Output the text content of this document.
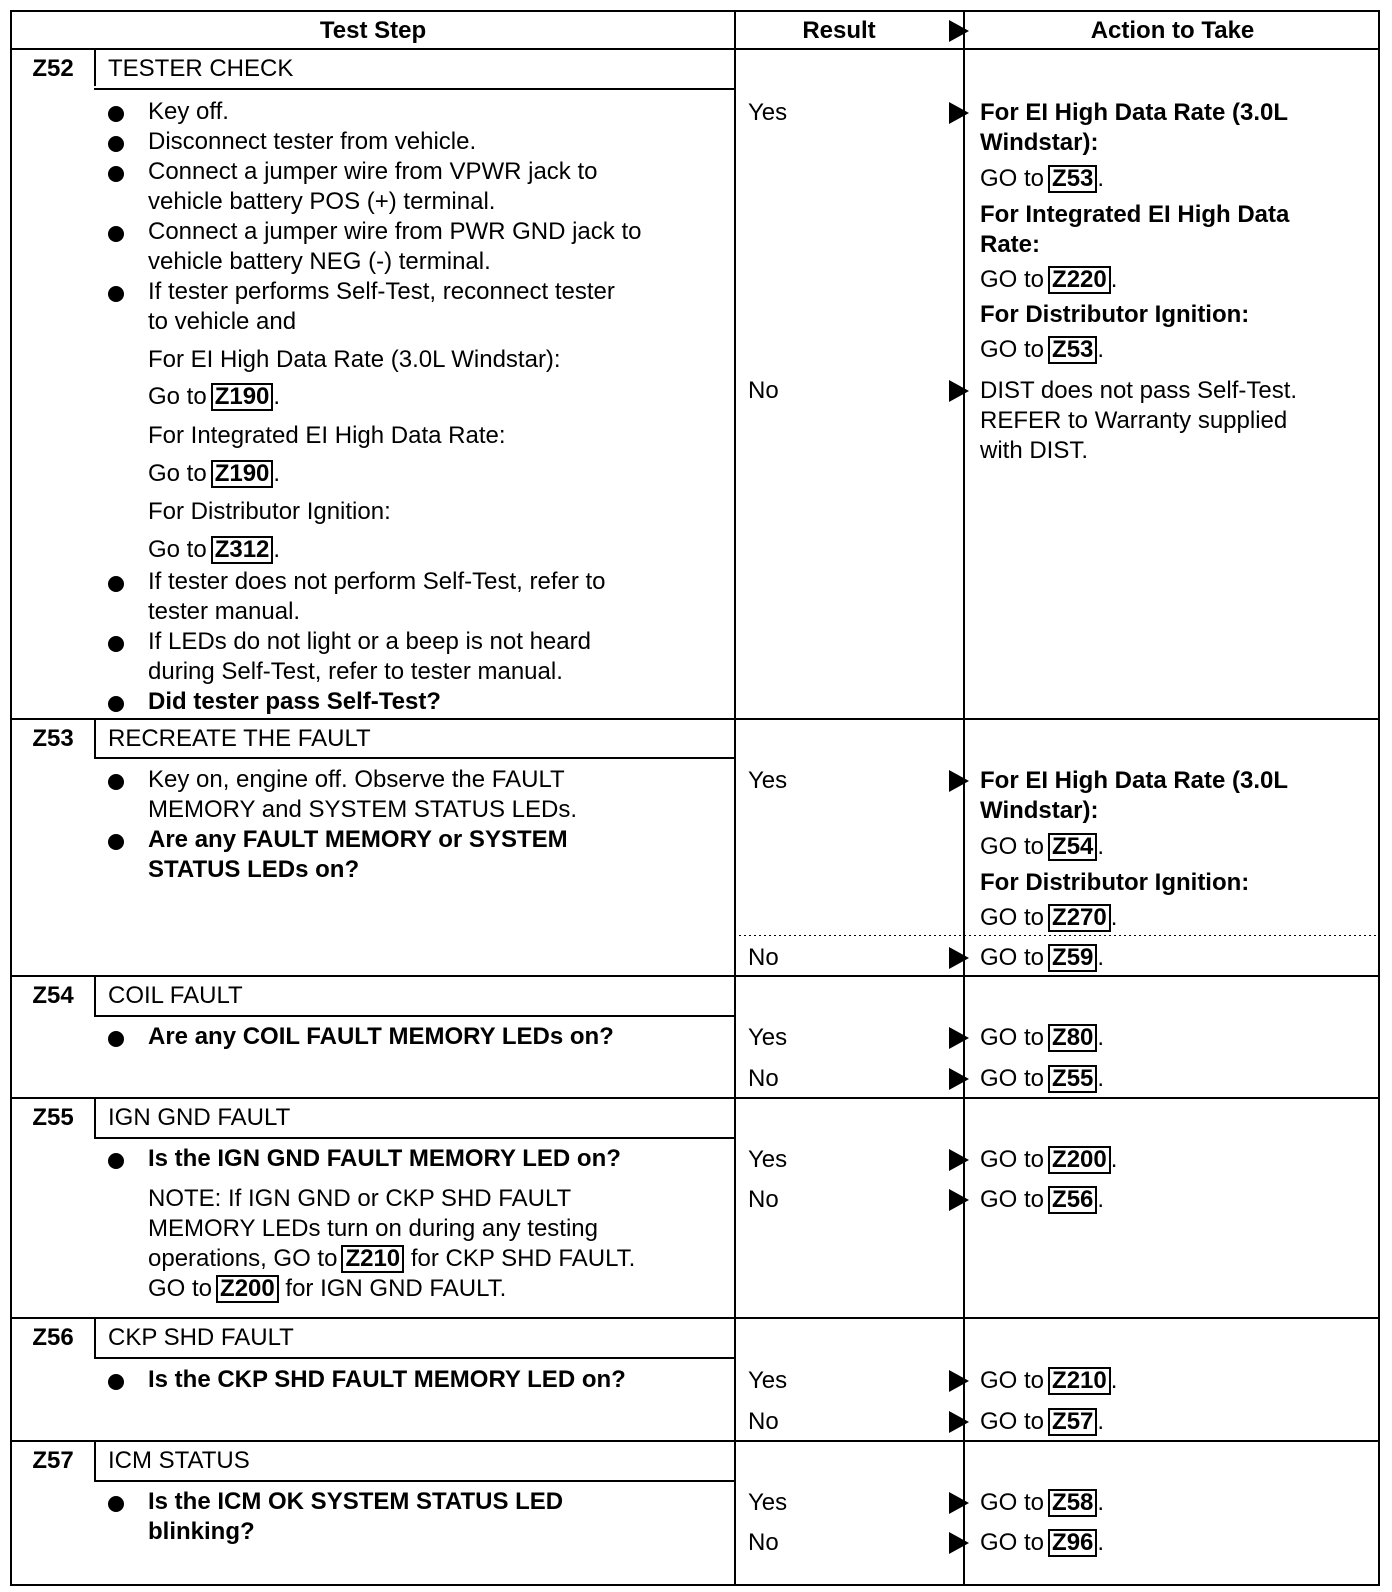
Test Step	Result	Action to Take
Z52	TESTER CHECK
Key off.
Disconnect tester from vehicle.
Connect a jumper wire from VPWR jack to
vehicle battery POS (+) terminal.
Connect a jumper wire from PWR GND jack to
vehicle battery NEG (-) terminal.
If tester performs Self-Test, reconnect tester
to vehicle and
For EI High Data Rate (3.0L Windstar):
Go to Z190 .
For Integrated EI High Data Rate:
Go to Z190 .
For Distributor Ignition:
Go to Z312 .
If tester does not perform Self-Test, refer to
tester manual.
If LEDs do not light or a beep is not heard
during Self-Test, refer to tester manual.
Did tester pass Self-Test?
Yes	For EI High Data Rate (3.0L
Windstar):
GO to Z53 .
For Integrated EI High Data
Rate:
GO to Z220 .
For Distributor Ignition:
GO to Z53 .
No	DIST does not pass Self-Test.
REFER to Warranty supplied
with DIST.
Z53	RECREATE THE FAULT
Key on, engine off. Observe the FAULT
MEMORY and SYSTEM STATUS LEDs.
Are any FAULT MEMORY or SYSTEM
STATUS LEDs on?
Yes	For EI High Data Rate (3.0L
Windstar):
GO to Z54 .
For Distributor Ignition:
GO to Z270 .
No	GO to Z59 .
Z54	COIL FAULT
Are any COIL FAULT MEMORY LEDs on?	Yes	GO to Z80 .
No	GO to Z55 .
Z55	IGN GND FAULT
Is the IGN GND FAULT MEMORY LED on?
NOTE: If IGN GND or CKP SHD FAULT
MEMORY LEDs turn on during any testing
operations, GO to Z210 for CKP SHD FAULT.
GO to Z200 for IGN GND FAULT.
Yes	GO to Z200 .
No	GO to Z56 .
Z56	CKP SHD FAULT
Is the CKP SHD FAULT MEMORY LED on?	Yes	GO to Z210 .
No	GO to Z57 .
Z57	ICM STATUS
Is the ICM OK SYSTEM STATUS LED
blinking?
Yes	GO to Z58 .
No	GO to Z96 .
